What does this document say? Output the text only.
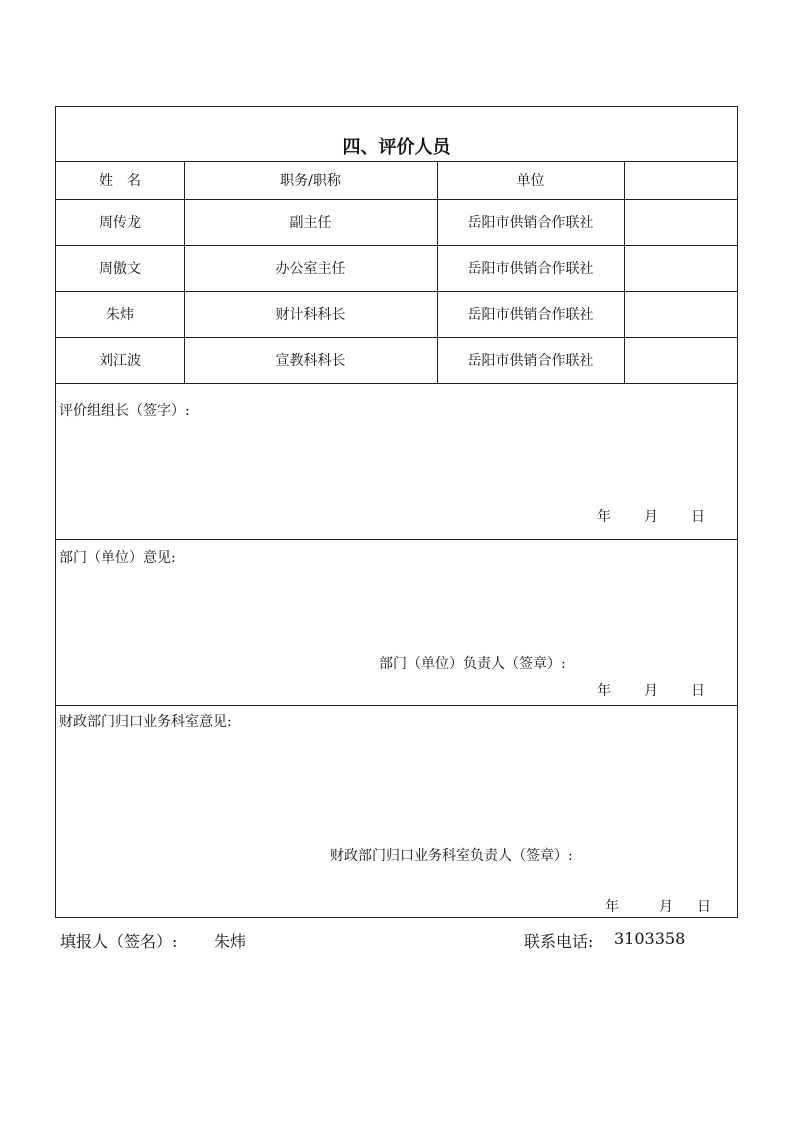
四、评价人员
姓　名	职务/职称	单位
周传龙	副主任	岳阳市供销合作联社
周傲文	办公室主任	岳阳市供销合作联社
朱炜	财计科科长	岳阳市供销合作联社
刘江波	宣教科科长	岳阳市供销合作联社
评价组组长（签字）:
年 月 日
部门（单位）意见:
部门（单位）负责人（签章）:
年 月 日
财政部门归口业务科室意见:
财政部门归口业务科室负责人（签章）:
年	月 日
填报人（签名）: 朱炜	联系电话: 3103358
